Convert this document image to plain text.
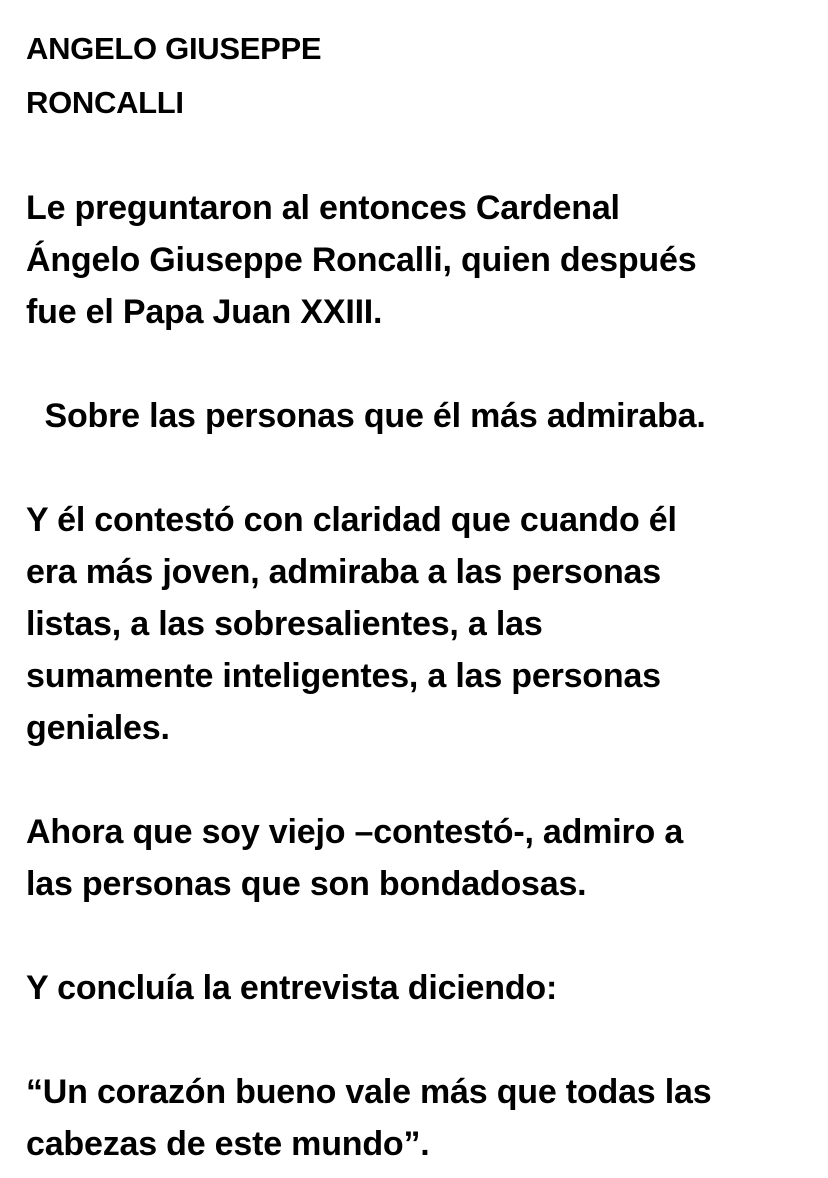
ANGELO GIUSEPPE
RONCALLI

Le preguntaron al entonces Cardenal
Ángelo Giuseppe Roncalli, quien después
fue el Papa Juan XXIII.

Sobre las personas que él más admiraba.

Y él contestó con claridad que cuando él
era más joven, admiraba a las personas
listas, a las sobresalientes, a las
sumamente inteligentes, a las personas
geniales.

Ahora que soy viejo –contestó-, admiro a
las personas que son bondadosas.

Y concluía la entrevista diciendo:

“Un corazón bueno vale más que todas las
cabezas de este mundo”.
